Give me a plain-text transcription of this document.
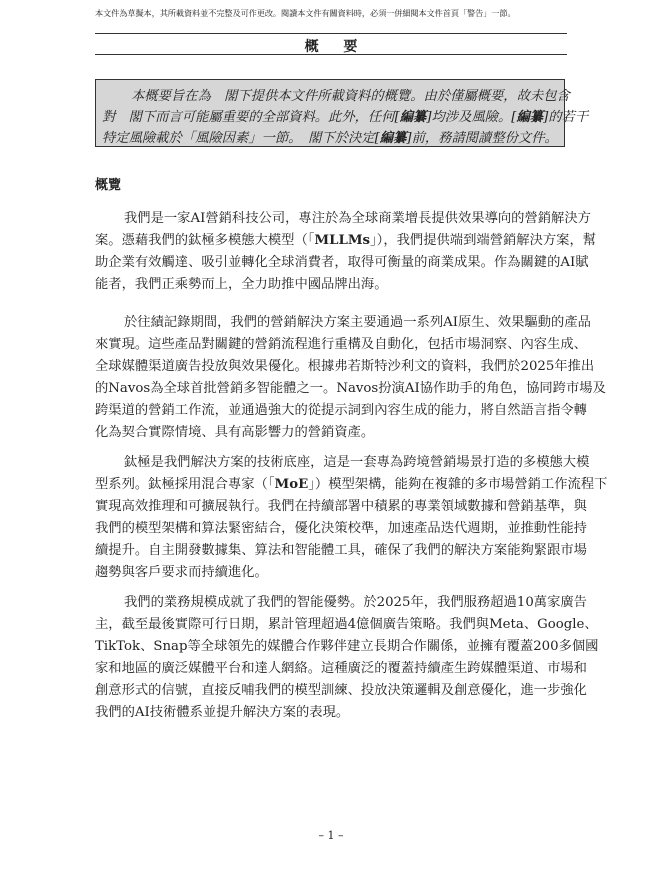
本文件為草擬本，其所載資料並不完整及可作更改。閱讀本文件有關資料時，必須一併細閱本文件首頁「警告」一節。
概 要
本概要旨在為　閣下提供本文件所載資料的概覽。由於僅屬概要，故未包含
對　閣下而言可能屬重要的全部資料。此外，任何[編纂]均涉及風險。[編纂]的若干
特定風險載於「風險因素」一節。　閣下於決定[編纂]前，務請閱讀整份文件。
概覽
我們是一家AI營銷科技公司，專注於為全球商業增長提供效果導向的營銷解決方
案。憑藉我們的鈦極多模態大模型（「MLLMs」），我們提供端到端營銷解決方案，幫
助企業有效觸達、吸引並轉化全球消費者，取得可衡量的商業成果。作為關鍵的AI賦
能者，我們正乘勢而上，全力助推中國品牌出海。
於往績記錄期間，我們的營銷解決方案主要通過一系列AI原生、效果驅動的產品
來實現。這些產品對關鍵的營銷流程進行重構及自動化，包括市場洞察、內容生成、
全球媒體渠道廣告投放與效果優化。根據弗若斯特沙利文的資料，我們於2025年推出
的Navos為全球首批營銷多智能體之一。Navos扮演AI協作助手的角色，協同跨市場及
跨渠道的營銷工作流，並通過強大的從提示詞到內容生成的能力，將自然語言指令轉
化為契合實際情境、具有高影響力的營銷資產。
鈦極是我們解決方案的技術底座，這是一套專為跨境營銷場景打造的多模態大模
型系列。鈦極採用混合專家（「MoE」）模型架構，能夠在複雜的多市場營銷工作流程下
實現高效推理和可擴展執行。我們在持續部署中積累的專業領域數據和營銷基準，與
我們的模型架構和算法緊密結合，優化決策校準，加速產品迭代週期，並推動性能持
續提升。自主開發數據集、算法和智能體工具，確保了我們的解決方案能夠緊跟市場
趨勢與客戶要求而持續進化。
我們的業務規模成就了我們的智能優勢。於2025年，我們服務超過10萬家廣告
主，截至最後實際可行日期，累計管理超過4億個廣告策略。我們與Meta、Google、
TikTok、Snap等全球領先的媒體合作夥伴建立長期合作關係，並擁有覆蓋200多個國
家和地區的廣泛媒體平台和達人網絡。這種廣泛的覆蓋持續產生跨媒體渠道、市場和
創意形式的信號，直接反哺我們的模型訓練、投放決策邏輯及創意優化，進一步強化
我們的AI技術體系並提升解決方案的表現。
– 1 –
